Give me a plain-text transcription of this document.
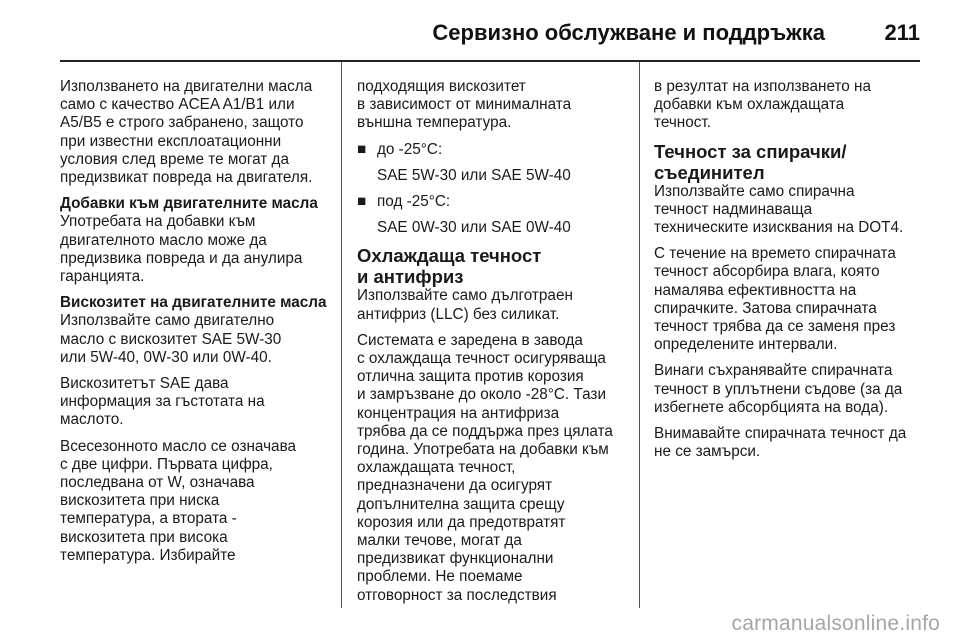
Сервизно обслужване и поддръжка	211

Използването на двигателни масла
само с качество ACEA A1/B1 или
A5/B5 е строго забранено, защото
при известни експлоатационни
условия след време те могат да
предизвикат повреда на двигателя.

Добавки към двигателните масла
Употребата на добавки към
двигателното масло може да
предизвика повреда и да анулира
гаранцията.

Вискозитет на двигателните масла
Използвайте само двигателно
масло с вискозитет SAE 5W-30
или 5W-40, 0W-30 или 0W-40.

Вискозитетът SAE дава
информация за гъстотата на
маслото.

Всесезонното масло се означава
с две цифри. Първата цифра,
последвана от W, означава
вискозитета при ниска
температура, а втората -
вискозитета при висока
температура. Избирайте

подходящия вискозитет
в зависимост от минималната
външна температура.

■ до -25°C:

SAE 5W-30 или SAE 5W-40

■ под -25°C:

SAE 0W-30 или SAE 0W-40

Охлаждаща течност
и антифриз

Използвайте само дълготраен
антифриз (LLC) без силикат.

Системата е заредена в завода
с охлаждаща течност осигуряваща
отлична защита против корозия
и замръзване до около -28°C. Тази
концентрация на антифриза
трябва да се поддържа през цялата
година. Употребата на добавки към
охлаждащата течност,
предназначени да осигурят
допълнителна защита срещу
корозия или да предотвратят
малки течове, могат да
предизвикат функционални
проблеми. Не поемаме
отговорност за последствия

в резултат на използването на
добавки към охлаждащата
течност.

Течност за спирачки/
съединител

Използвайте само спирачна
течност надминаваща
техническите изисквания на DOT4.

С течение на времето спирачната
течност абсорбира влага, която
намалява ефективността на
спирачките. Затова спирачната
течност трябва да се заменя през
определените интервали.

Винаги съхранявайте спирачната
течност в уплътнени съдове (за да
избегнете абсорбцията на вода).

Внимавайте спирачната течност да
не се замърси.

carmanualsonline.info
